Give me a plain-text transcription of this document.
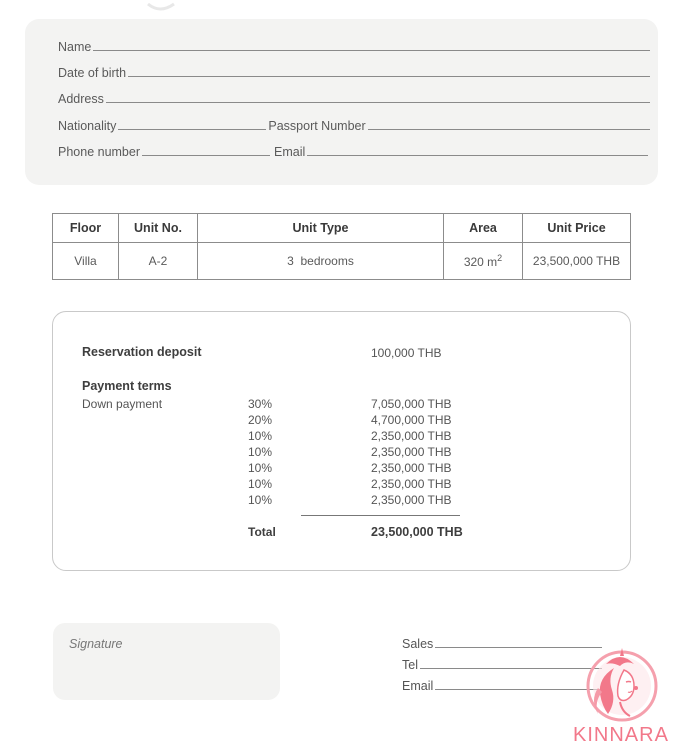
Name
Date of birth
Address
Nationality	Passport Number
Phone number	Email
Floor	Unit No.	Unit Type	Area	Unit Price
Villa	A-2	3  bedrooms	320 $m^2$	23,500,000 THB
Reservation deposit	100,000 THB
Payment terms
Down payment	30%	7,050,000 THB
20%	4,700,000 THB
10%	2,350,000 THB
10%	2,350,000 THB
10%	2,350,000 THB
10%	2,350,000 THB
10%	2,350,000 THB
Total	23,500,000 THB
Signature	Sales
Tel
Email
KINNARA
